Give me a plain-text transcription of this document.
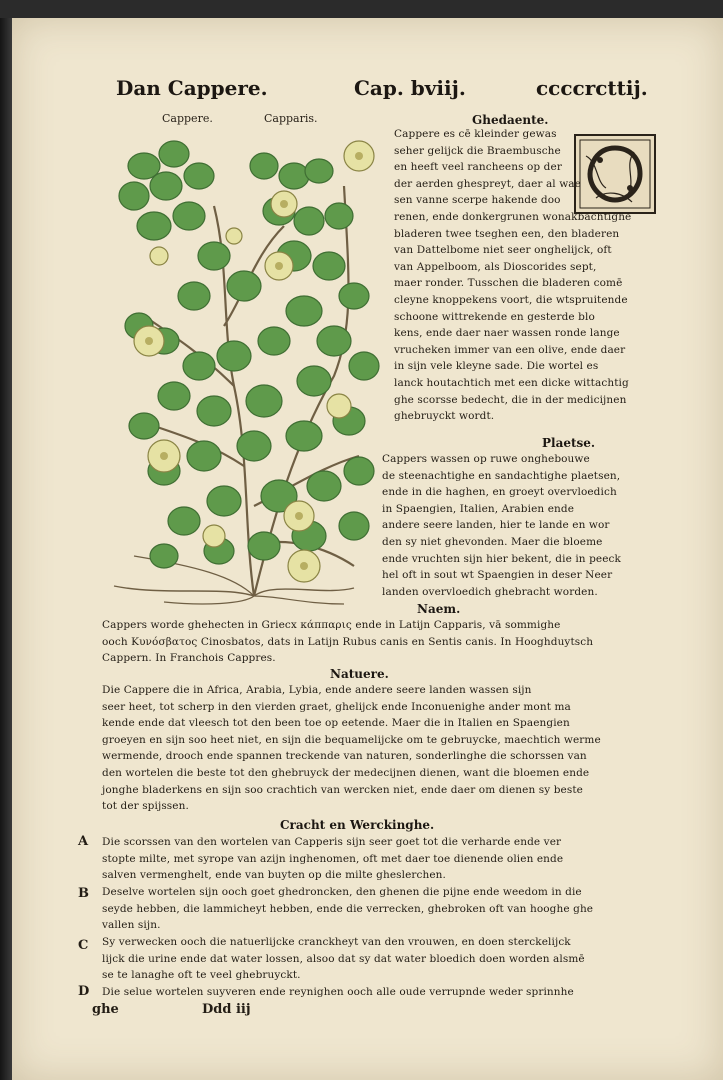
Dan Cappere.	Cap. bviij.	ccccrcttij.
Cappere.	Capparis.	Ghedaente.
Cappere es cē kleinder gewas
seher gelijck die Braembusche
en heeft veel rancheens op der
der aerden ghespreyt, daer al wae
sen vanne scerpe hakende doo
renen, ende donkergrunen wonakbachtighe
bladeren twee tseghen een, den bladeren
van Dattelbome niet seer onghelijck, oft
van Appelboom, als Dioscorides sept,
maer ronder. Tusschen die bladeren comē
cleyne knoppekens voort, die wtspruitende
schoone wittrekende en gesterde blo
kens, ende daer naer wassen ronde lange
vrucheken immer van een olive, ende daer
in sijn vele kleyne sade. Die wortel es
lanck houtachtich met een dicke wittachtig
ghe scorsse bedecht, die in der medicijnen
ghebruyckt wordt.
Plaetse.
Cappers wassen op ruwe onghebouwe
de steenachtighe en sandachtighe plaetsen,
ende in die haghen, en groeyt overvloedich
in Spaengien, Italien, Arabien ende
andere seere landen, hier te lande en wor
den sy niet ghevonden. Maer die bloeme
ende vruchten sijn hier bekent, die in peeck
hel oft in sout wt Spaengien in deser Neer
landen overvloedich ghebracht worden.
Naem.
Cappers worde ghehecten in Griecx κάππαρις ende in Latijn Capparis, vā sommighe
ooch Κυνόσβατος Cinosbatos, dats in Latijn Rubus canis en Sentis canis. In Hooghduytsch
Cappern. In Franchois Cappres.
Natuere.
Die Cappere die in Africa, Arabia, Lybia, ende andere seere landen wassen sijn
seer heet, tot scherp in den vierden graet, ghelijck ende Inconuenighe ander mont ma
kende ende dat vleesch tot den been toe op eetende. Maer die in Italien en Spaengien
groeyen en sijn soo heet niet, en sijn die bequamelijcke om te gebruycke, maechtich werme
wermende, drooch ende spannen treckende van naturen, sonderlinghe die schorssen van
den wortelen die beste tot den ghebruyck der medecijnen dienen, want die bloemen ende
jonghe bladerkens en sijn soo crachtich van wercken niet, ende daer om dienen sy beste
tot der spijssen.
Cracht en Werckinghe.
A Die scorssen van den wortelen van Capperis sijn seer goet tot die verharde ende ver
stopte milte, met syrope van azijn inghenomen, oft met daer toe dienende olien ende
salven vermenghelt, ende van buyten op die milte gheslerchen.
B Deselve wortelen sijn ooch goet ghedroncken, den ghenen die pijne ende weedom in die
seyde hebben, die lammicheyt hebben, ende die verrecken, ghebroken oft van hooghe ghe
vallen sijn.
C Sy verwecken ooch die natuerlijcke cranckheyt van den vrouwen, en doen sterckelijck
lijck die urine ende dat water lossen, alsoo dat sy dat water bloedich doen worden alsmē
se te lanaghe oft te veel ghebruyckt.
D Die selue wortelen suyveren ende reynighen ooch alle oude verrupnde weder sprinnhe
Ddd iij
ghe
